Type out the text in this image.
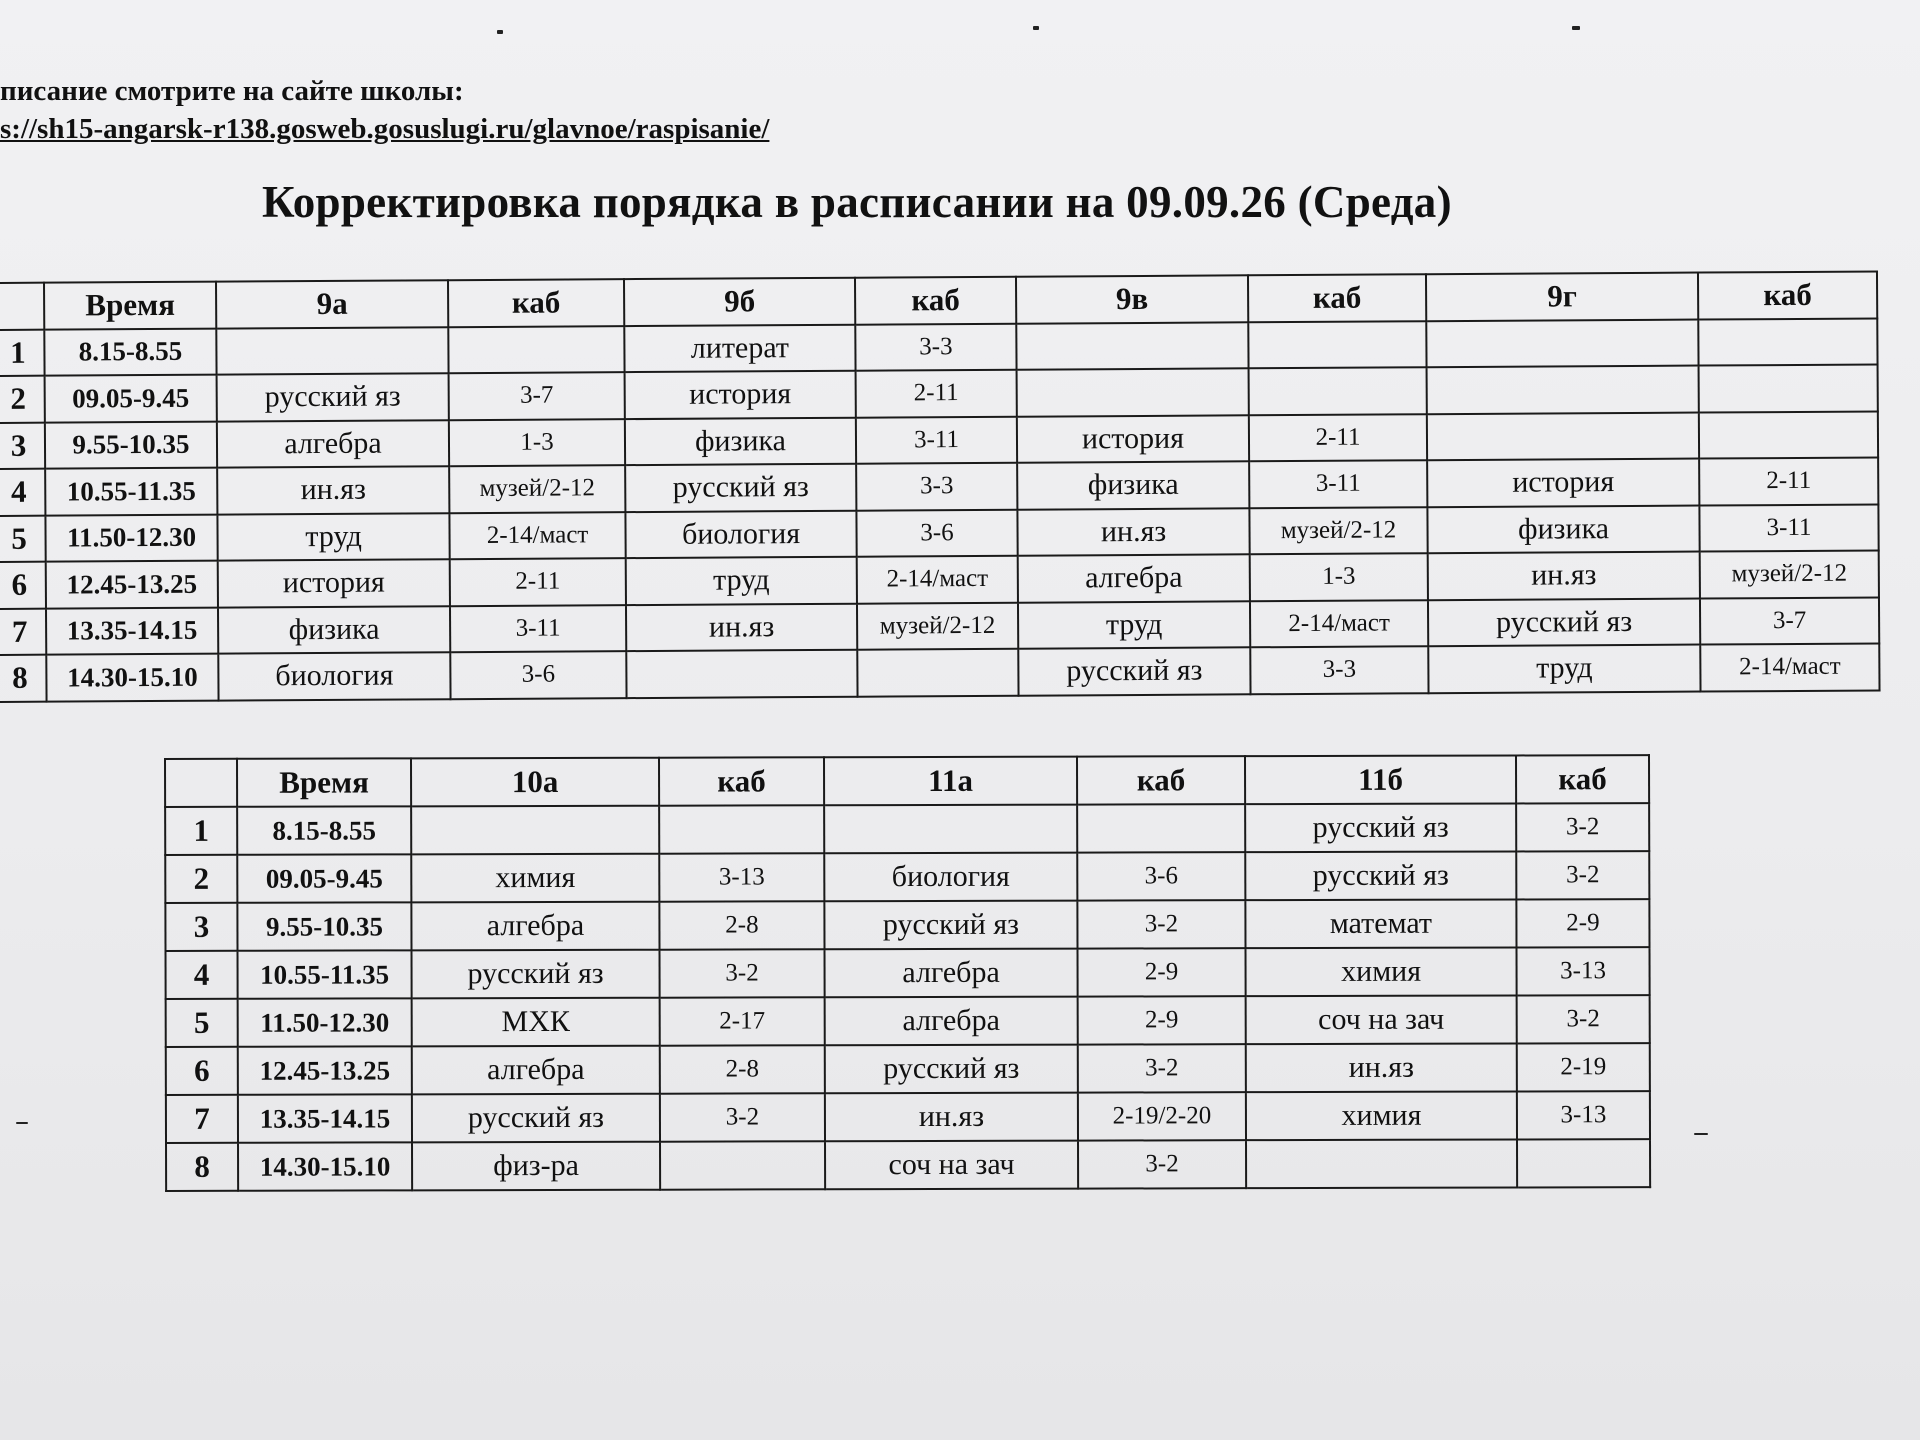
писание смотрите на сайте школы:
s://sh15-angarsk-r138.gosweb.gosuslugi.ru/glavnoe/raspisanie/
Корректировка порядка в расписании на 09.09.26 (Среда)
	Время	9а	каб	9б	каб	9в	каб	9г	каб
1	8.15-8.55			литерат	3-3				
2	09.05-9.45	русский яз	3-7	история	2-11				
3	9.55-10.35	алгебра	1-3	физика	3-11	история	2-11		
4	10.55-11.35	ин.яз	музей/2-12	русский яз	3-3	физика	3-11	история	2-11
5	11.50-12.30	труд	2-14/маст	биология	3-6	ин.яз	музей/2-12	физика	3-11
6	12.45-13.25	история	2-11	труд	2-14/маст	алгебра	1-3	ин.яз	музей/2-12
7	13.35-14.15	физика	3-11	ин.яз	музей/2-12	труд	2-14/маст	русский яз	3-7
8	14.30-15.10	биология	3-6			русский яз	3-3	труд	2-14/маст
	Время	10а	каб	11а	каб	11б	каб
1	8.15-8.55					русский яз	3-2
2	09.05-9.45	химия	3-13	биология	3-6	русский яз	3-2
3	9.55-10.35	алгебра	2-8	русский яз	3-2	математ	2-9
4	10.55-11.35	русский яз	3-2	алгебра	2-9	химия	3-13
5	11.50-12.30	МХК	2-17	алгебра	2-9	соч на зач	3-2
6	12.45-13.25	алгебра	2-8	русский яз	3-2	ин.яз	2-19
7	13.35-14.15	русский яз	3-2	ин.яз	2-19/2-20	химия	3-13
8	14.30-15.10	физ-ра		соч на зач	3-2		
